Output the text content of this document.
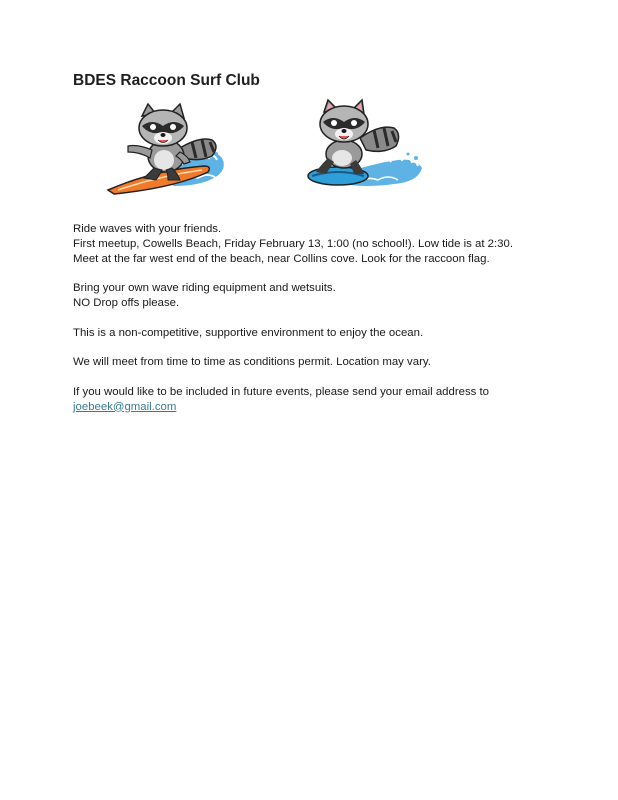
BDES Raccoon Surf Club

Ride waves with your friends.

First meetup, Cowells Beach, Friday February 13, 1:00 (no school!). Low tide is at 2:30.

Meet at the far west end of the beach, near Collins cove. Look for the raccoon flag.

Bring your own wave riding equipment and wetsuits.

NO Drop offs please.

This is a non-competitive, supportive environment to enjoy the ocean.

We will meet from time to time as conditions permit. Location may vary.

If you would like to be included in future events, please send your email address to

joebeek@gmail.com
